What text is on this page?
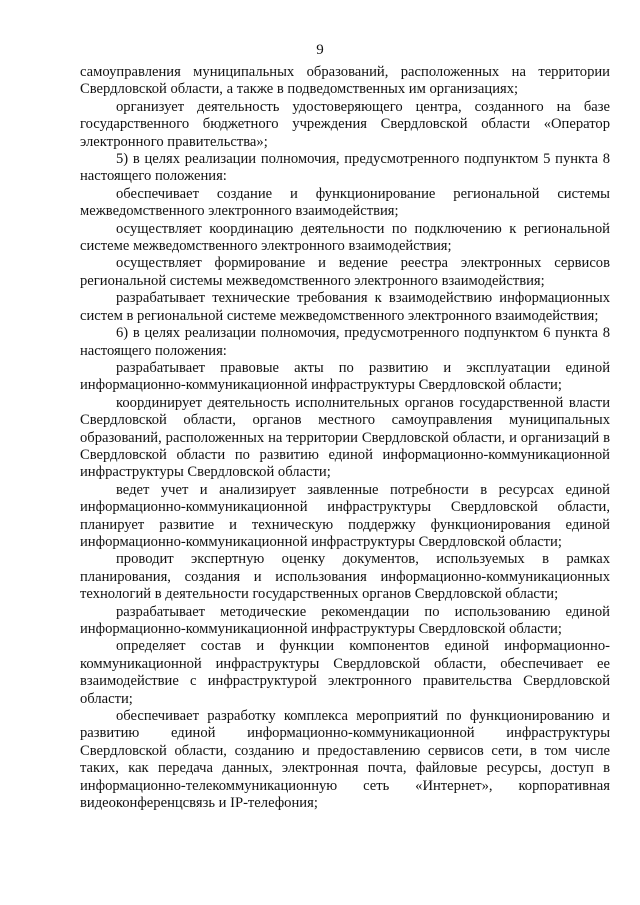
9

самоуправления муниципальных образований, расположенных на территории Свердловской области, а также в подведомственных им организациях;

организует деятельность удостоверяющего центра, созданного на базе государственного бюджетного учреждения Свердловской области «Оператор электронного правительства»;

5) в целях реализации полномочия, предусмотренного подпунктом 5 пункта 8 настоящего положения:

обеспечивает создание и функционирование региональной системы межведомственного электронного взаимодействия;

осуществляет координацию деятельности по подключению к региональной системе межведомственного электронного взаимодействия;

осуществляет формирование и ведение реестра электронных сервисов региональной системы межведомственного электронного взаимодействия;

разрабатывает технические требования к взаимодействию информационных систем в региональной системе межведомственного электронного взаимодействия;

6) в целях реализации полномочия, предусмотренного подпунктом 6 пункта 8 настоящего положения:

разрабатывает правовые акты по развитию и эксплуатации единой информационно-коммуникационной инфраструктуры Свердловской области;

координирует деятельность исполнительных органов государственной власти Свердловской области, органов местного самоуправления муниципальных образований, расположенных на территории Свердловской области, и организаций в Свердловской области по развитию единой информационно-коммуникационной инфраструктуры Свердловской области;

ведет учет и анализирует заявленные потребности в ресурсах единой информационно-коммуникационной инфраструктуры Свердловской области, планирует развитие и техническую поддержку функционирования единой информационно-коммуникационной инфраструктуры Свердловской области;

проводит экспертную оценку документов, используемых в рамках планирования, создания и использования информационно-коммуникационных технологий в деятельности государственных органов Свердловской области;

разрабатывает методические рекомендации по использованию единой информационно-коммуникационной инфраструктуры Свердловской области;

определяет состав и функции компонентов единой информационно-коммуникационной инфраструктуры Свердловской области, обеспечивает ее взаимодействие с инфраструктурой электронного правительства Свердловской области;

обеспечивает разработку комплекса мероприятий по функционированию и развитию единой информационно-коммуникационной инфраструктуры Свердловской области, созданию и предоставлению сервисов сети, в том числе таких, как передача данных, электронная почта, файловые ресурсы, доступ в информационно-телекоммуникационную сеть «Интернет», корпоративная видеоконференцсвязь и IP-телефония;
